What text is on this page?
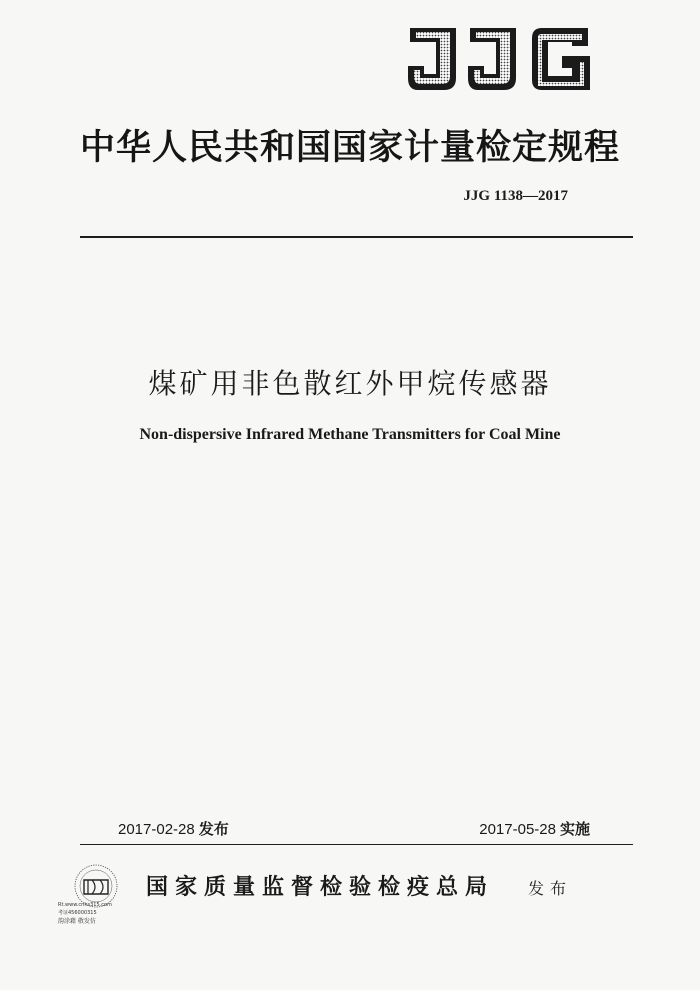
中华人民共和国国家计量检定规程
JJG 1138—2017
煤矿用非色散红外甲烷传感器
Non-dispersive Infrared Methane Transmitters for Coal Mine
2017-02-28 发布	2017-05-28 实施
Rt.www.cnhs315.com
考证456000315
韵涂藉 敬发仿
国家质量监督检验检疫总局 发布
